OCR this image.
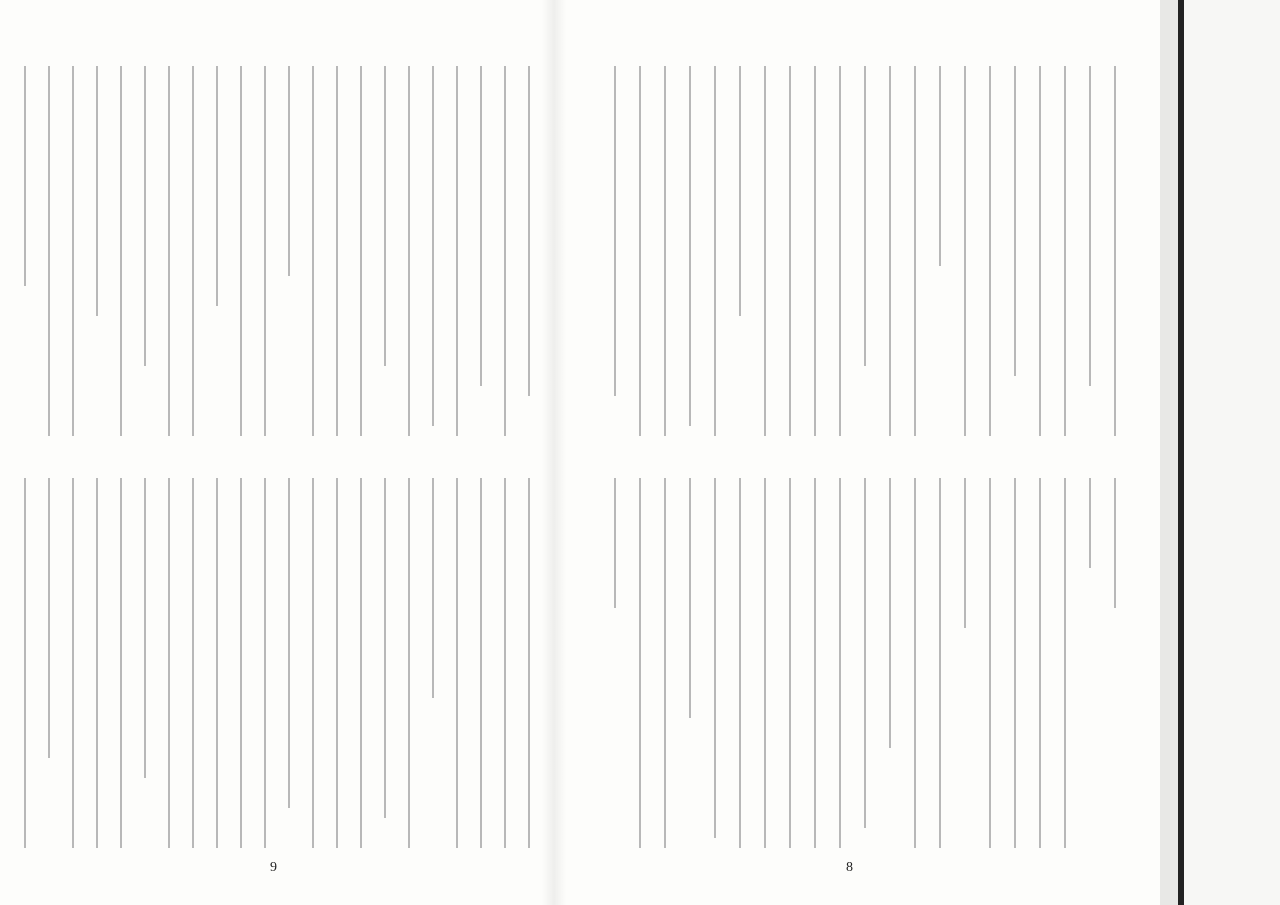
9	8
